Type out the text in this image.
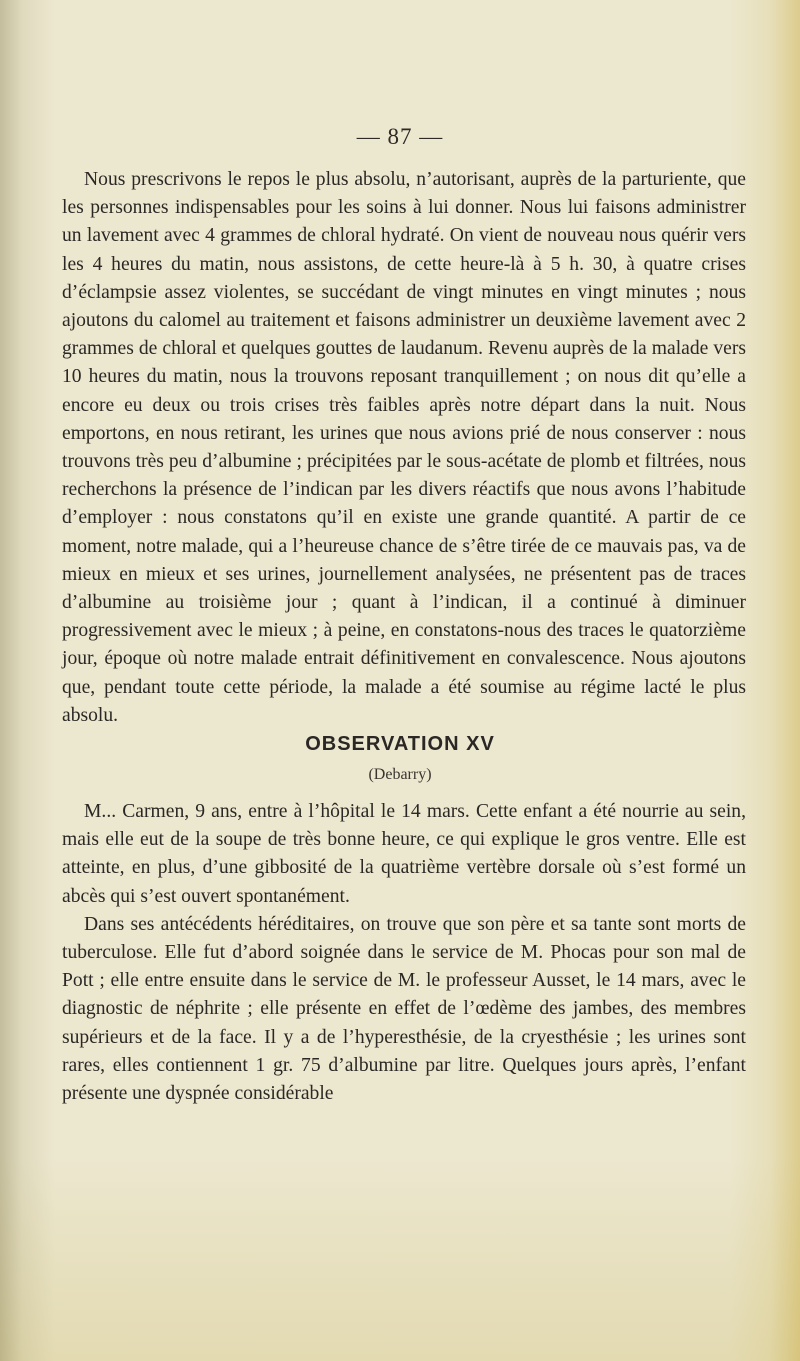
— 87 —

Nous prescrivons le repos le plus absolu, n’autorisant, auprès de la parturiente, que les personnes indispensables pour les soins à lui donner. Nous lui faisons administrer un lavement avec 4 grammes de chloral hydraté. On vient de nouveau nous quérir vers les 4 heures du matin, nous assistons, de cette heure-là à 5 h. 30, à quatre crises d’éclampsie assez violentes, se succédant de vingt minutes en vingt minutes ; nous ajoutons du calomel au traitement et faisons administrer un deuxième lavement avec 2 grammes de chloral et quelques gouttes de laudanum. Revenu auprès de la malade vers 10 heures du matin, nous la trouvons reposant tranquillement ; on nous dit qu’elle a encore eu deux ou trois crises très faibles après notre départ dans la nuit. Nous emportons, en nous retirant, les urines que nous avions prié de nous conserver : nous trouvons très peu d’albumine ; précipitées par le sous-acétate de plomb et filtrées, nous recherchons la présence de l’indican par les divers réactifs que nous avons l’habitude d’employer : nous constatons qu’il en existe une grande quantité. A partir de ce moment, notre malade, qui a l’heureuse chance de s’être tirée de ce mauvais pas, va de mieux en mieux et ses urines, journellement analysées, ne présentent pas de traces d’albumine au troisième jour ; quant à l’indican, il a continué à diminuer progressivement avec le mieux ; à peine, en constatons-nous des traces le quatorzième jour, époque où notre malade entrait définitivement en convalescence. Nous ajoutons que, pendant toute cette période, la malade a été soumise au régime lacté le plus absolu.

OBSERVATION XV
(Debarry)

M... Carmen, 9 ans, entre à l’hôpital le 14 mars. Cette enfant a été nourrie au sein, mais elle eut de la soupe de très bonne heure, ce qui explique le gros ventre. Elle est atteinte, en plus, d’une gibbosité de la quatrième vertèbre dorsale où s’est formé un abcès qui s’est ouvert spontanément.

Dans ses antécédents héréditaires, on trouve que son père et sa tante sont morts de tuberculose. Elle fut d’abord soignée dans le service de M. Phocas pour son mal de Pott ; elle entre ensuite dans le service de M. le professeur Ausset, le 14 mars, avec le diagnostic de néphrite ; elle présente en effet de l’œdème des jambes, des membres supérieurs et de la face. Il y a de l’hyperesthésie, de la cryesthésie ; les urines sont rares, elles contiennent 1 gr. 75 d’albumine par litre. Quelques jours après, l’enfant présente une dyspnée considérable
